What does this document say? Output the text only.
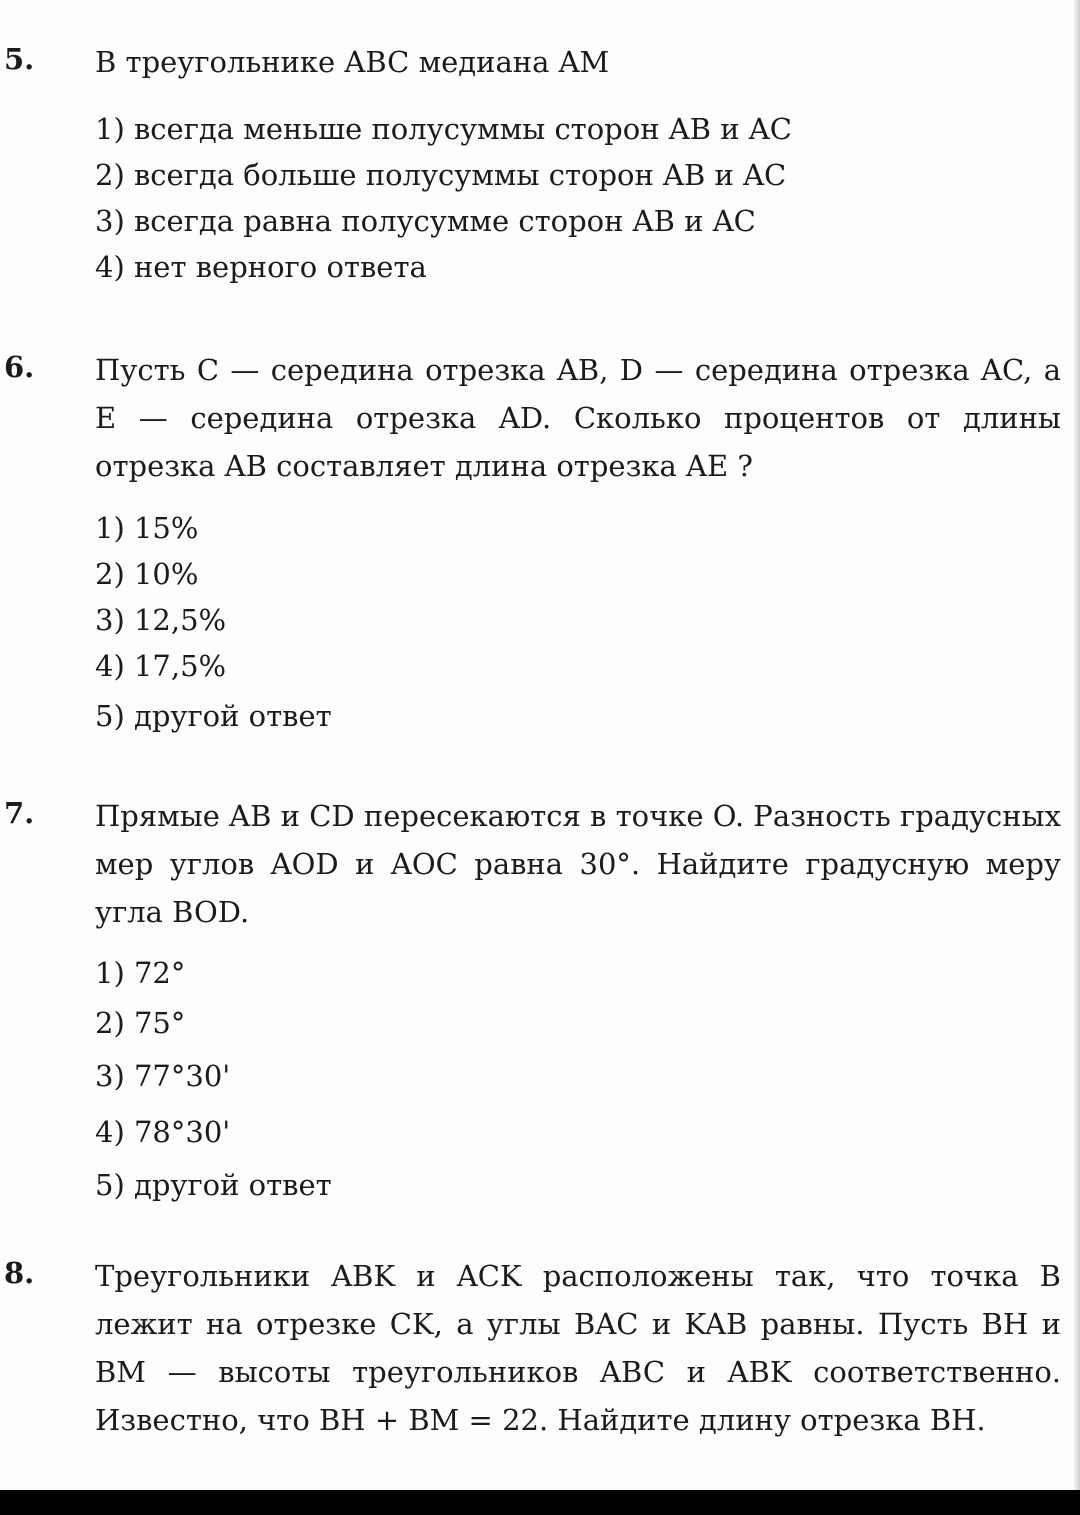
5. В треугольнике ABC медиана AM
1) всегда меньше полусуммы сторон AB и AC
2) всегда больше полусуммы сторон AB и AC
3) всегда равна полусумме сторон AB и AC
4) нет верного ответа
6. Пусть C — середина отрезка AB, D — середина отрезка AC, а E — середина отрезка AD. Сколько процентов от длины отрезка AB составляет длина отрезка AE ?
1) 15%
2) 10%
3) 12,5%
4) 17,5%
5) другой ответ
7. Прямые AB и CD пересекаются в точке O. Разность градусных мер углов AOD и AOC равна 30°. Найдите градусную меру угла BOD.
1) 72°
2) 75°
3) 77°30'
4) 78°30'
5) другой ответ
8. Треугольники ABK и ACK расположены так, что точка B лежит на отрезке CK, а углы BAC и KAB равны. Пусть BH и BM — высоты треугольников ABC и ABK соответственно. Известно, что BH + BM = 22. Найдите длину отрезка BH.
